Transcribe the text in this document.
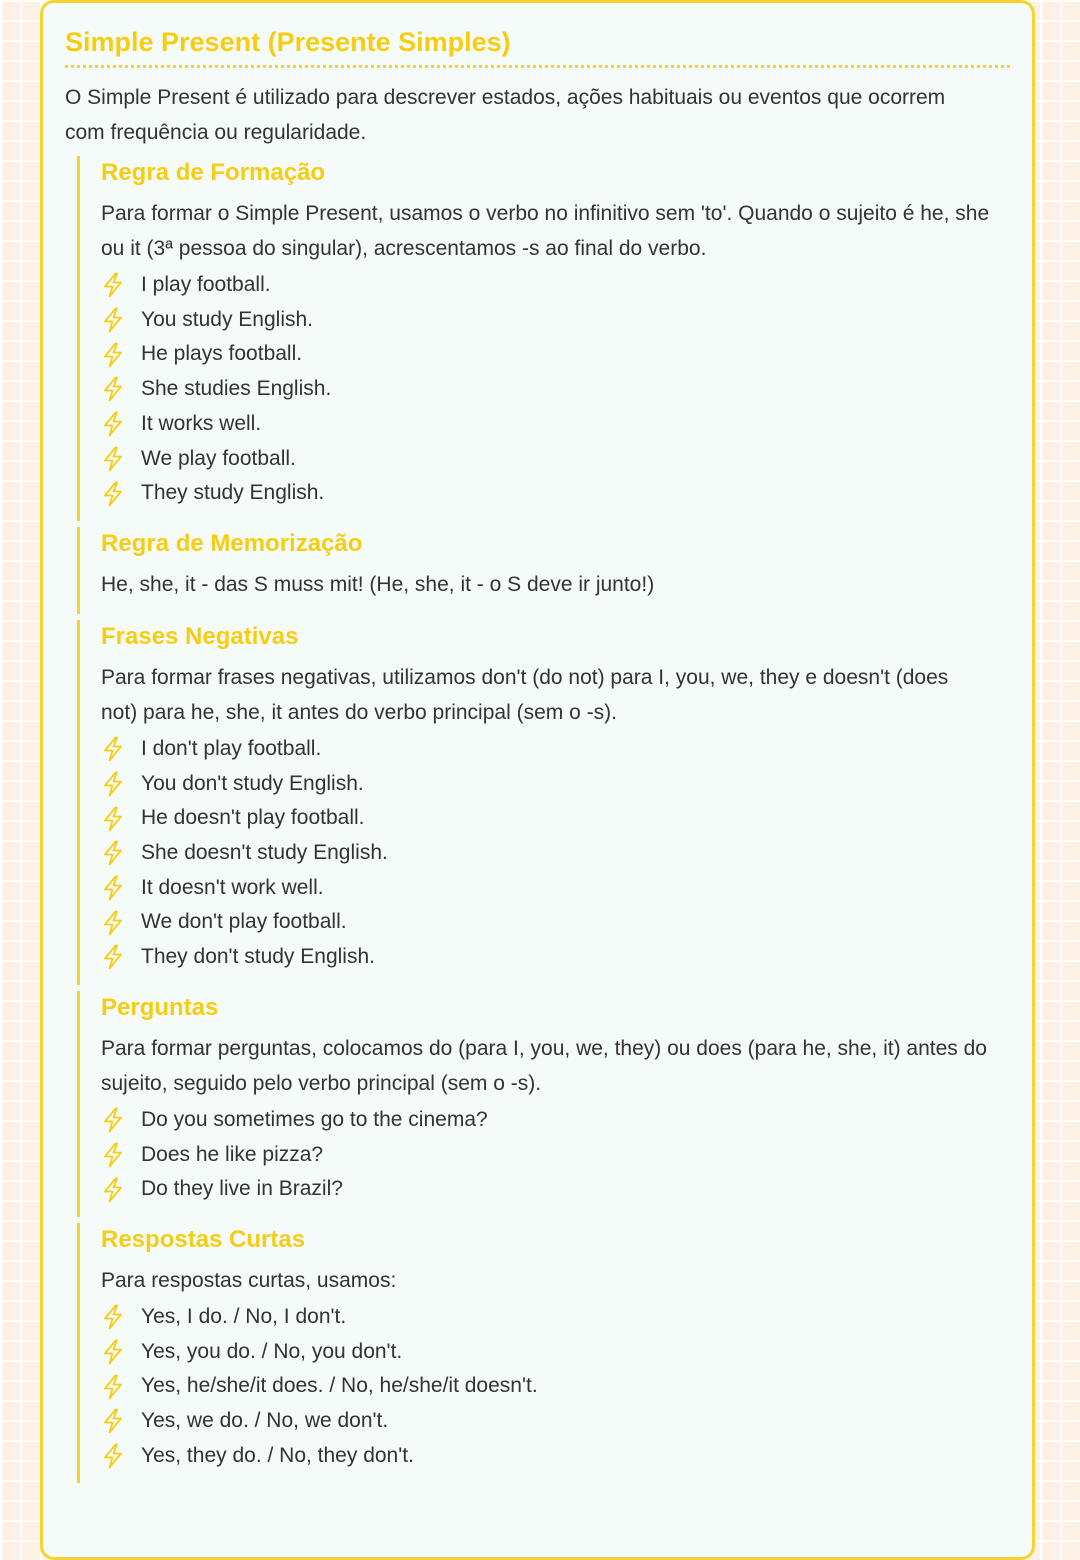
Simple Present (Presente Simples)

O Simple Present é utilizado para descrever estados, ações habituais ou eventos que ocorrem com frequência ou regularidade.

Regra de Formação

Para formar o Simple Present, usamos o verbo no infinitivo sem 'to'. Quando o sujeito é he, she ou it (3ª pessoa do singular), acrescentamos -s ao final do verbo.

I play football.
You study English.
He plays football.
She studies English.
It works well.
We play football.
They study English.
Regra de Memorização

He, she, it - das S muss mit! (He, she, it - o S deve ir junto!)

Frases Negativas

Para formar frases negativas, utilizamos don't (do not) para I, you, we, they e doesn't (does not) para he, she, it antes do verbo principal (sem o -s).

I don't play football.
You don't study English.
He doesn't play football.
She doesn't study English.
It doesn't work well.
We don't play football.
They don't study English.
Perguntas

Para formar perguntas, colocamos do (para I, you, we, they) ou does (para he, she, it) antes do sujeito, seguido pelo verbo principal (sem o -s).

Do you sometimes go to the cinema?
Does he like pizza?
Do they live in Brazil?
Respostas Curtas

Para respostas curtas, usamos:

Yes, I do. / No, I don't.
Yes, you do. / No, you don't.
Yes, he/she/it does. / No, he/she/it doesn't.
Yes, we do. / No, we don't.
Yes, they do. / No, they don't.
